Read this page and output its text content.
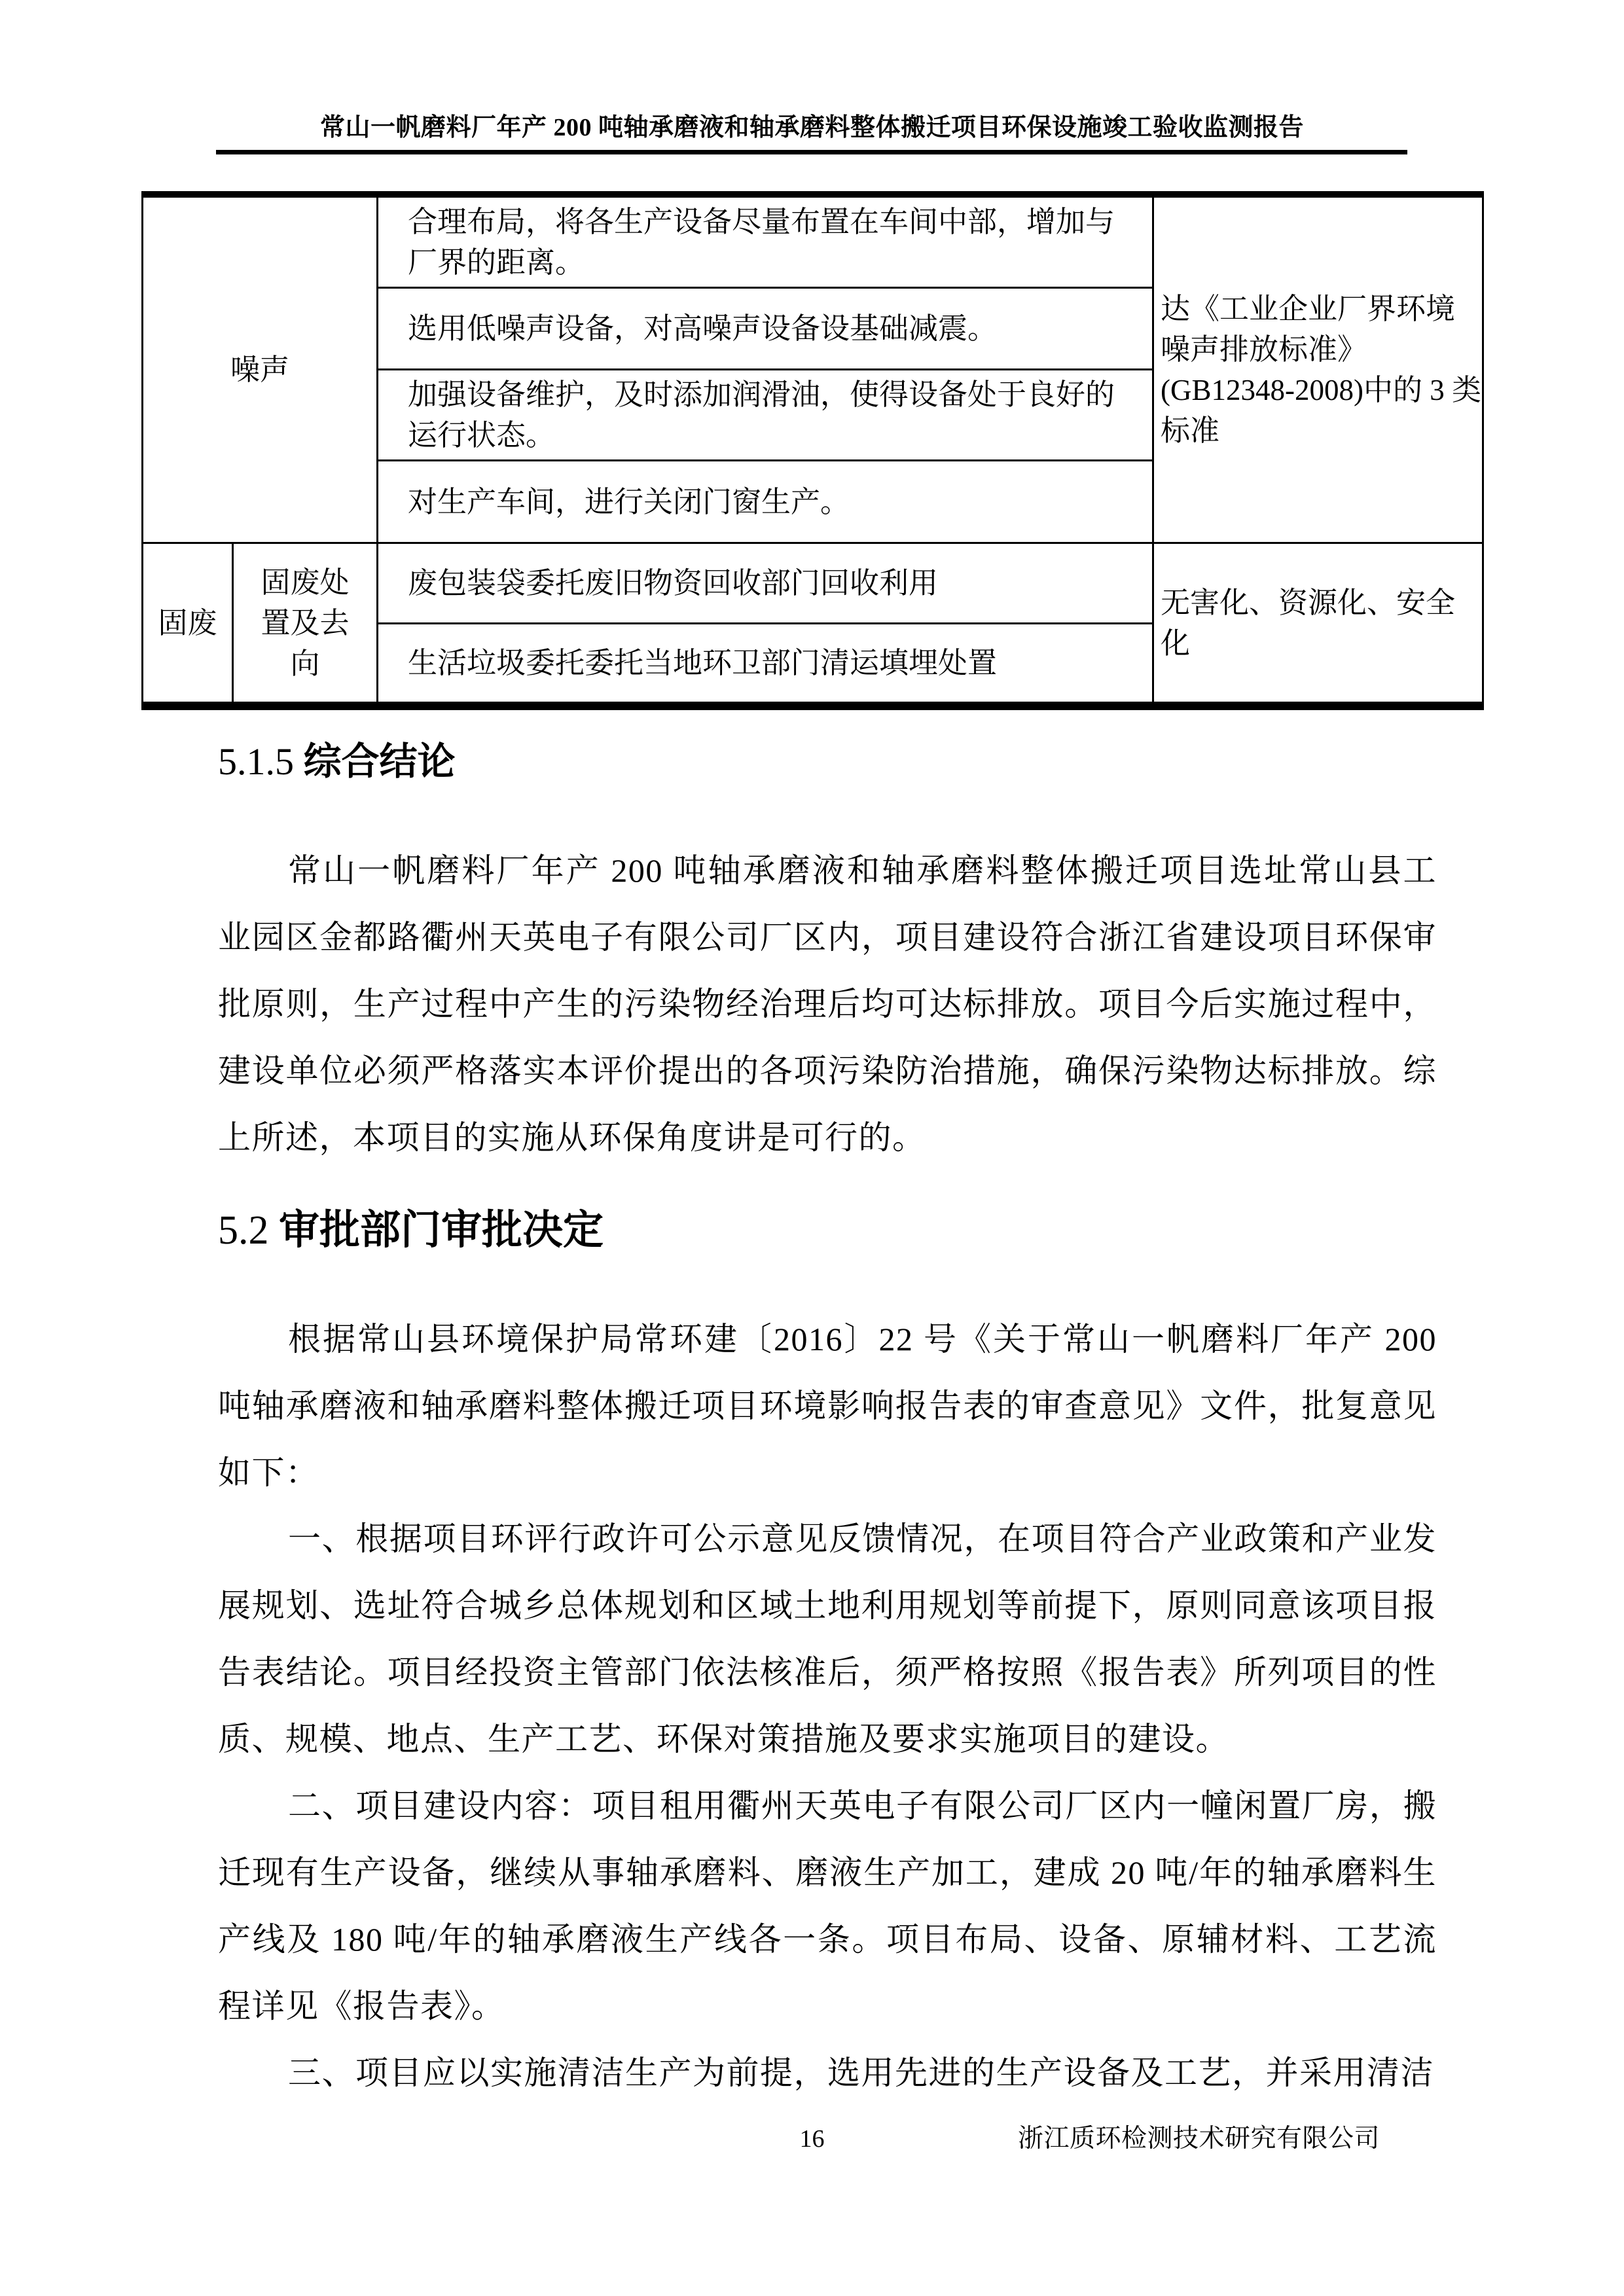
常山一帆磨料厂年产 200 吨轴承磨液和轴承磨料整体搬迁项目环保设施竣工验收监测报告
噪声		合理布局，将各生产设备尽量布置在车间中部，增加与厂界的距离。	达《工业企业厂界环境噪声排放标准》(GB12348-2008)中的 3 类标准
		选用低噪声设备，对高噪声设备设基础减震。	
		加强设备维护，及时添加润滑油，使得设备处于良好的运行状态。	
		对生产车间，进行关闭门窗生产。	
固废	固废处置及去向	废包装袋委托废旧物资回收部门回收利用	无害化、资源化、安全化
		生活垃圾委托委托当地环卫部门清运填埋处置	
5.1.5 综合结论
常山一帆磨料厂年产 200 吨轴承磨液和轴承磨料整体搬迁项目选址常山县工业园区金都路衢州天英电子有限公司厂区内，项目建设符合浙江省建设项目环保审批原则，生产过程中产生的污染物经治理后均可达标排放。项目今后实施过程中，建设单位必须严格落实本评价提出的各项污染防治措施，确保污染物达标排放。综上所述，本项目的实施从环保角度讲是可行的。
5.2 审批部门审批决定
根据常山县环境保护局常环建〔2016〕22 号《关于常山一帆磨料厂年产 200 吨轴承磨液和轴承磨料整体搬迁项目环境影响报告表的审查意见》文件，批复意见如下：
一、根据项目环评行政许可公示意见反馈情况，在项目符合产业政策和产业发展规划、选址符合城乡总体规划和区域土地利用规划等前提下，原则同意该项目报告表结论。项目经投资主管部门依法核准后，须严格按照《报告表》所列项目的性质、规模、地点、生产工艺、环保对策措施及要求实施项目的建设。
二、项目建设内容：项目租用衢州天英电子有限公司厂区内一幢闲置厂房，搬迁现有生产设备，继续从事轴承磨料、磨液生产加工，建成 20 吨/年的轴承磨料生产线及 180 吨/年的轴承磨液生产线各一条。项目布局、设备、原辅材料、工艺流程详见《报告表》。
三、项目应以实施清洁生产为前提，选用先进的生产设备及工艺，并采用清洁
16	浙江质环检测技术研究有限公司
